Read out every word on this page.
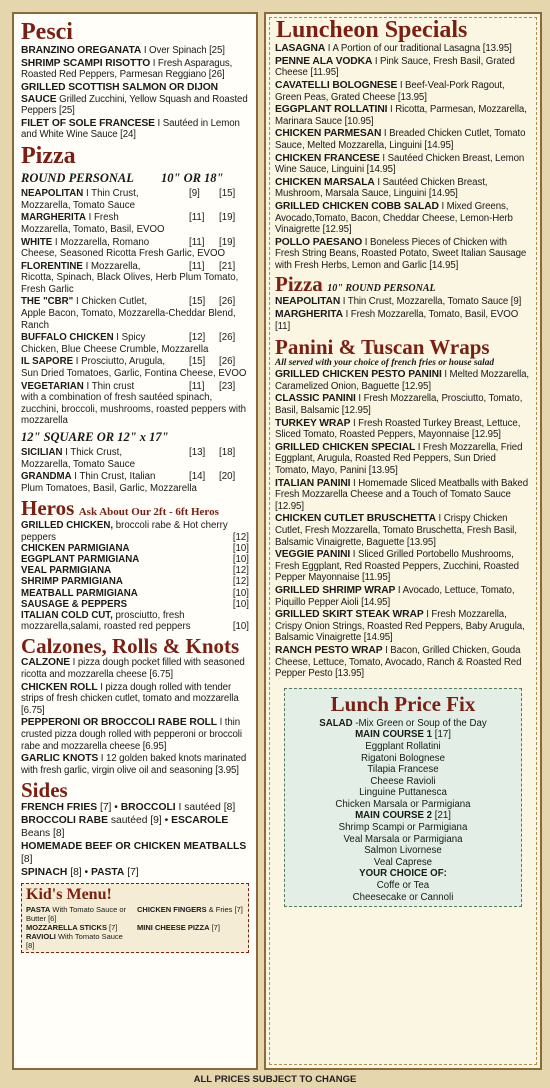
Pesci
BRANZINO OREGANATA I Over Spinach [25]
SHRIMP SCAMPI RISOTTO I Fresh Asparagus, Roasted Red Peppers, Parmesan Reggiano [26]
GRILLED SCOTTISH SALMON OR DIJON SAUCE Grilled Zucchini, Yellow Squash and Roasted Peppers [25]
FILET OF SOLE FRANCESE I Sautéed in Lemon and White Wine Sauce [24]
Pizza
ROUND PERSONAL 10" OR 18"
NEAPOLITAN I Thin Crust,	[9]	[15]
Mozzarella, Tomato Sauce
MARGHERITA I Fresh	[11]	[19]
Mozzarella, Tomato, Basil, EVOO
WHITE I Mozzarella, Romano	[11]	[19]
Cheese, Seasoned Ricotta Fresh Garlic, EVOO
FLORENTINE I Mozzarella,	[11]	[21]
Ricotta, Spinach, Black Olives, Herb Plum Tomato, Fresh Garlic
THE "CBR" I Chicken Cutlet,	[15]	[26]
Apple Bacon, Tomato, Mozzarella-Cheddar Blend, Ranch
BUFFALO CHICKEN I Spicy	[12]	[26]
Chicken, Blue Cheese Crumble, Mozzarella
IL SAPORE I Prosciutto, Arugula,	[15]	[26]
Sun Dried Tomatoes, Garlic, Fontina Cheese, EVOO
VEGETARIAN I Thin crust	[11]	[23]
with a combination of fresh sautéed spinach, zucchini, broccoli, mushrooms, roasted peppers with mozzarella
12" SQUARE OR 12" x 17"
SICILIAN I Thick Crust,	[13]	[18]
Mozzarella, Tomato Sauce
GRANDMA I Thin Crust, Italian	[14]	[20]
Plum Tomatoes, Basil, Garlic, Mozzarella
Heros Ask About Our 2ft - 6ft Heros
GRILLED CHICKEN, broccoli rabe & Hot cherry peppers	[12]
CHICKEN PARMIGIANA	[10]
EGGPLANT PARMIGIANA	[10]
VEAL PARMIGIANA	[12]
SHRIMP PARMIGIANA	[12]
MEATBALL PARMIGIANA	[10]
SAUSAGE & PEPPERS	[10]
ITALIAN COLD CUT, prosciutto, fresh mozzarella,salami, roasted red peppers	[10]
Calzones, Rolls & Knots
CALZONE I pizza dough pocket filled with seasoned ricotta and mozzarella cheese [6.75]
CHICKEN ROLL I pizza dough rolled with tender strips of fresh chicken cutlet, tomato and mozzarella [6.75]
PEPPERONI OR BROCCOLI RABE ROLL I thin crusted pizza dough rolled with pepperoni or broccoli rabe and mozzarella cheese [6.95]
GARLIC KNOTS I 12 golden baked knots marinated with fresh garlic, virgin olive oil and seasoning [3.95]
Sides
FRENCH FRIES [7] • BROCCOLI I sautéed [8]
BROCCOLI RABE sautéed [9] • ESCAROLE Beans [8]
HOMEMADE BEEF OR CHICKEN MEATBALLS [8]
SPINACH [8] • PASTA [7]
Kid's Menu!
PASTA With Tomato Sauce or Butter [6]
CHICKEN FINGERS & Fries [7]
MOZZARELLA STICKS [7]	MINI CHEESE PIZZA [7]
RAVIOLI With Tomato Sauce [8]
Luncheon Specials
LASAGNA I A Portion of our traditional Lasagna [13.95]
PENNE ALA VODKA I Pink Sauce, Fresh Basil, Grated Cheese [11.95]
CAVATELLI BOLOGNESE I Beef-Veal-Pork Ragout, Green Peas, Grated Cheese [13.95]
EGGPLANT ROLLATINI I Ricotta, Parmesan, Mozzarella, Marinara Sauce [10.95]
CHICKEN PARMESAN I Breaded Chicken Cutlet, Tomato Sauce, Melted Mozzarella, Linguini [14.95]
CHICKEN FRANCESE I Sautéed Chicken Breast, Lemon Wine Sauce, Linguini [14.95]
CHICKEN MARSALA I Sautéed Chicken Breast, Mushroom, Marsala Sauce, Linguini [14.95]
GRILLED CHICKEN COBB SALAD I Mixed Greens, Avocado,Tomato, Bacon, Cheddar Cheese, Lemon-Herb Vinaigrette [12.95]
POLLO PAESANO I Boneless Pieces of Chicken with Fresh String Beans, Roasted Potato, Sweet Italian Sausage with Fresh Herbs, Lemon and Garlic [14.95]
Pizza 10" ROUND PERSONAL
NEAPOLITAN I Thin Crust, Mozzarella, Tomato Sauce [9]
MARGHERITA I Fresh Mozzarella, Tomato, Basil, EVOO [11]
Panini & Tuscan Wraps
All served with your choice of french fries or house salad
GRILLED CHICKEN PESTO PANINI I Melted Mozzarella, Caramelized Onion, Baguette [12.95]
CLASSIC PANINI I Fresh Mozzarella, Prosciutto, Tomato, Basil, Balsamic [12.95]
TURKEY WRAP I Fresh Roasted Turkey Breast, Lettuce, Sliced Tomato, Roasted Peppers, Mayonnaise [12.95]
GRILLED CHICKEN SPECIAL I Fresh Mozzarella, Fried Eggplant, Arugula, Roasted Red Peppers, Sun Dried Tomato, Mayo, Panini [13.95]
ITALIAN PANINI I Homemade Sliced Meatballs with Baked Fresh Mozzarella Cheese and a Touch of Tomato Sauce [12.95]
CHICKEN CUTLET BRUSCHETTA I Crispy Chicken Cutlet, Fresh Mozzarella, Tomato Bruschetta, Fresh Basil, Balsamic Vinaigrette, Baguette [13.95]
VEGGIE PANINI I Sliced Grilled Portobello Mushrooms, Fresh Eggplant, Red Roasted Peppers, Zucchini, Roasted Pepper Mayonnaise [11.95]
GRILLED SHRIMP WRAP I Avocado, Lettuce, Tomato, Piquillo Pepper Aioli [14.95]
GRILLED SKIRT STEAK WRAP I Fresh Mozzarella, Crispy Onion Strings, Roasted Red Peppers, Baby Arugula, Balsamic Vinaigrette [14.95]
RANCH PESTO WRAP I Bacon, Grilled Chicken, Gouda Cheese, Lettuce, Tomato, Avocado, Ranch & Roasted Red Pepper Pesto [13.95]
Lunch Price Fix
SALAD -Mix Green or Soup of the Day
MAIN COURSE 1 [17]
Eggplant Rollatini
Rigatoni Bolognese
Tilapia Francese
Cheese Ravioli
Linguine Puttanesca
Chicken Marsala or Parmigiana
MAIN COURSE 2 [21]
Shrimp Scampi or Parmigiana
Veal Marsala or Parmigiana
Salmon Livornese
Veal Caprese
YOUR CHOICE OF:
Coffe or Tea
Cheesecake or Cannoli
ALL PRICES SUBJECT TO CHANGE
